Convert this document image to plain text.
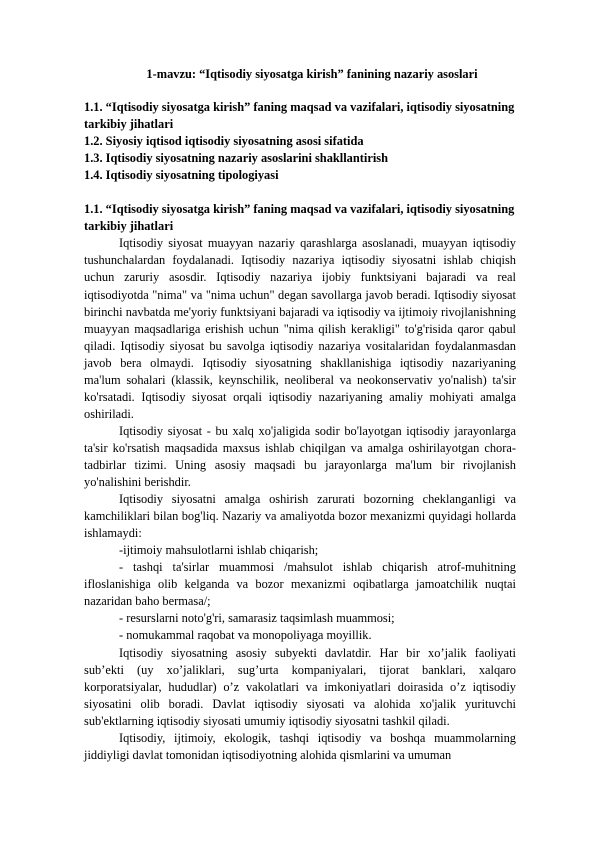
1-mavzu: “Iqtisodiy siyosatga kirish” fanining nazariy asoslari

1.1. “Iqtisodiy siyosatga kirish” faning maqsad va vazifalari, iqtisodiy siyosatning tarkibiy jihatlari

1.2. Siyosiy iqtisod iqtisodiy siyosatning asosi sifatida

1.3. Iqtisodiy siyosatning nazariy asoslarini shakllantirish

1.4. Iqtisodiy siyosatning tipologiyasi

1.1. “Iqtisodiy siyosatga kirish” faning maqsad va vazifalari, iqtisodiy siyosatning tarkibiy jihatlari

Iqtisodiy siyosat muayyan nazariy qarashlarga asoslanadi, muayyan iqtisodiy tushunchalardan foydalanadi. Iqtisodiy nazariya iqtisodiy siyosatni ishlab chiqish uchun zaruriy asosdir. Iqtisodiy nazariya ijobiy funktsiyani bajaradi va real iqtisodiyotda "nima" va "nima uchun" degan savollarga javob beradi. Iqtisodiy siyosat birinchi navbatda me'yoriy funktsiyani bajaradi va iqtisodiy va ijtimoiy rivojlanishning muayyan maqsadlariga erishish uchun "nima qilish kerakligi" to'g'risida qaror qabul qiladi. Iqtisodiy siyosat bu savolga iqtisodiy nazariya vositalaridan foydalanmasdan javob bera olmaydi. Iqtisodiy siyosatning shakllanishiga iqtisodiy nazariyaning ma'lum sohalari (klassik, keynschilik, neoliberal va neokonservativ yo'nalish) ta'sir ko'rsatadi. Iqtisodiy siyosat orqali iqtisodiy nazariyaning amaliy mohiyati amalga oshiriladi.

Iqtisodiy siyosat - bu xalq xo'jaligida sodir bo'layotgan iqtisodiy jarayonlarga ta'sir ko'rsatish maqsadida maxsus ishlab chiqilgan va amalga oshirilayotgan chora-tadbirlar tizimi. Uning asosiy maqsadi bu jarayonlarga ma'lum bir rivojlanish yo'nalishini berishdir.

Iqtisodiy siyosatni amalga oshirish zarurati bozorning cheklanganligi va kamchiliklari bilan bog'liq. Nazariy va amaliyotda bozor mexanizmi quyidagi hollarda ishlamaydi:

-ijtimoiy mahsulotlarni ishlab chiqarish;

- tashqi ta'sirlar muammosi /mahsulot ishlab chiqarish atrof-muhitning ifloslanishiga olib kelganda va bozor mexanizmi oqibatlarga jamoatchilik nuqtai nazaridan baho bermasa/;

- resurslarni noto'g'ri, samarasiz taqsimlash muammosi;

- nomukammal raqobat va monopoliyaga moyillik.

Iqtisodiy siyosatning asosiy subyekti davlatdir. Har bir xo’jalik faoliyati sub’ekti (uy xo’jaliklari, sug’urta kompaniyalari, tijorat banklari, xalqaro korporatsiyalar, hududlar) o’z vakolatlari va imkoniyatlari doirasida o’z iqtisodiy siyosatini olib boradi. Davlat iqtisodiy siyosati va alohida xo'jalik yurituvchi sub'ektlarning iqtisodiy siyosati umumiy iqtisodiy siyosatni tashkil qiladi.

Iqtisodiy, ijtimoiy, ekologik, tashqi iqtisodiy va boshqa muammolarning jiddiyligi davlat tomonidan iqtisodiyotning alohida qismlarini va umuman
